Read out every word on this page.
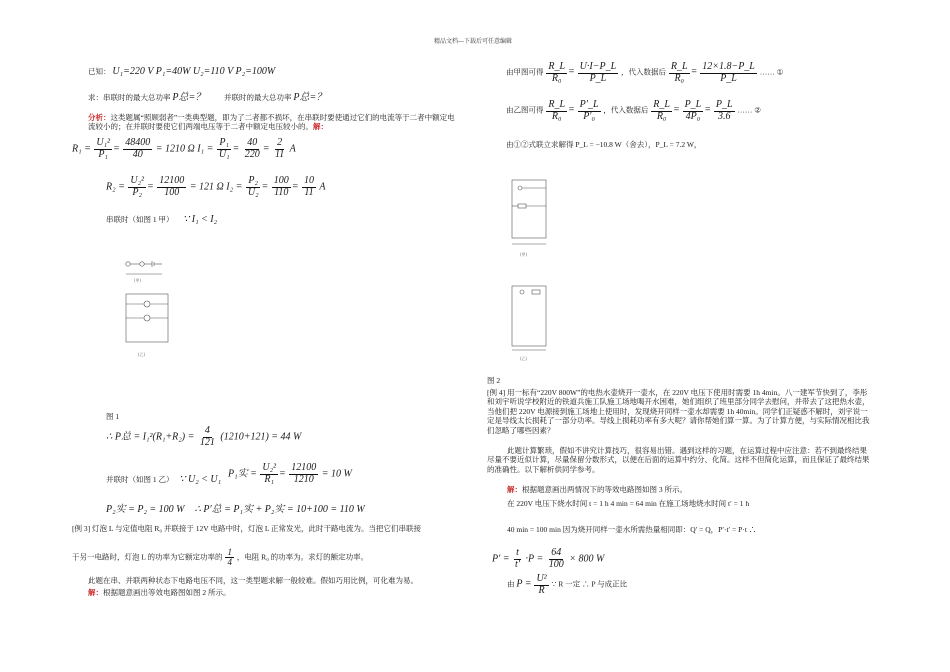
精品文档---下载后可任意编辑
已知： U₁=220 V P₁=40W U₂=110 V P₂=100W
求：串联时的最大总功率 P总=？	并联时的最大总功率 P总=？
分析：这类题属“照顾弱者”一类典型题，即为了二者都不损坏，在串联时要使通过它们的电流等于二者中额定电流较小的；在并联时要使它们两端电压等于二者中额定电压较小的。解：
$R_1 = \frac{\text{U₁²}}{\text{P₁}} = \frac{48400}{40} = 1210$ Ω $I_1 = \frac{\text{P₁}}{\text{U₁}} = \frac{40}{220} = \frac{2}{11}$ A
$R_2 = \frac{\text{U₂²}}{\text{P₂}} = \frac{12100}{100} = 121$ Ω $I_2 = \frac{\text{P₂}}{\text{U₂}} = \frac{100}{110} = \frac{10}{11}$ A
串联时（如图 1 甲） ∵ I₁ < I₂
(甲)
(乙)
图 1
∴ P总 = $I_1^2(R_1+R_2) = \frac{4}{121} (1210+121) = 44$ W
并联时（如图 1 乙） ∵ U₂ < U₁
P₁实 = $\frac{\text{U₂²}}{\text{R₁}} = \frac{12100}{1210} = 10$ W
P₂实 = P₂ = 100 W ∴ P′总 = P₁实 + P₂实 = 10+100 = 110 W
[例 3] 灯泡 L 与定值电阻 R₀ 并联接于 12V 电路中时，灯泡 L 正常发光，此时干路电流为。当把它们串联接
于另一电路时，灯泡 L 的功率为它额定功率的 $\frac{1}{4}$ ，电阻 R₀ 的功率为。求灯的额定功率。
此题在串、并联两种状态下电路电压不同，这一类型题求解一般较难。假如巧用比例，可化难为易。
解：根据题意画出等效电路图如图 2 所示。
由甲图可得 $\frac{R\_L}{\text{R₀}} = \frac{U\cdot I-P\_L}{P\_L}$ ，代入数据后 $\frac{R\_L}{\text{R₀}} = \frac{12\times 1.8-P\_L}{P\_L}$ …… ①
由乙图可得 $\frac{R\_L}{\text{R₀}} = \frac{P'\_L}{\text{P′₀}}$ ，代入数据后 $\frac{R\_L}{\text{R₀}} = \frac{P\_L}{\text{4P₀}} = \frac{P\_L}{3.6}$ …… ②
由①②式联立求解得 P_L = −10.8 W（舍去），P_L = 7.2 W，
(甲)
(乙)
图 2
[例 4] 用一标有“220V 800W”的电热水壶烧开一壶水，在 220V 电压下使用时需要 1h 4min。八一建军节快到了，李彤和刘宇听说学校附近的铁道兵施工队施工场地喝开水困难，她们组织了班里部分同学去慰问，并带去了这把热水壶，当他们把 220V 电源接到施工场地上使用时，发现烧开同样一壶水却需要 1h 40min。同学们正疑惑不解时，刘宇说一定是导线太长损耗了一部分功率。导线上损耗功率有多大呢？请你帮她们算一算。为了计算方便，与实际情况相比我们忽略了哪些因素？
此题计算繁琐，假如不讲究计算技巧，很容易出错。遇到这样的习题，在运算过程中应注意：若不到最终结果尽量不要近似计算，尽量保留分数形式，以便在后面的运算中约分、化简。这样不但简化运算，而且保证了最终结果的准确性。以下解析供同学参考。
解：根据题意画出两情况下的等效电路图如图 3 所示。
在 220V 电压下烧水时间 t = 1 h 4 min = 64 min 在施工场地烧水时间 t′ = 1 h
40 min = 100 min 因为烧开同样一壶水所需热量相同即：Q′ = Q，P′·t′ = P·t ∴
$P' = \frac{t}{t'} \cdot P = \frac{64}{100} \times 800$ W
由 $P = \frac{\text{U²}}{R}$ ∵ R 一定 ∴ P 与成正比
